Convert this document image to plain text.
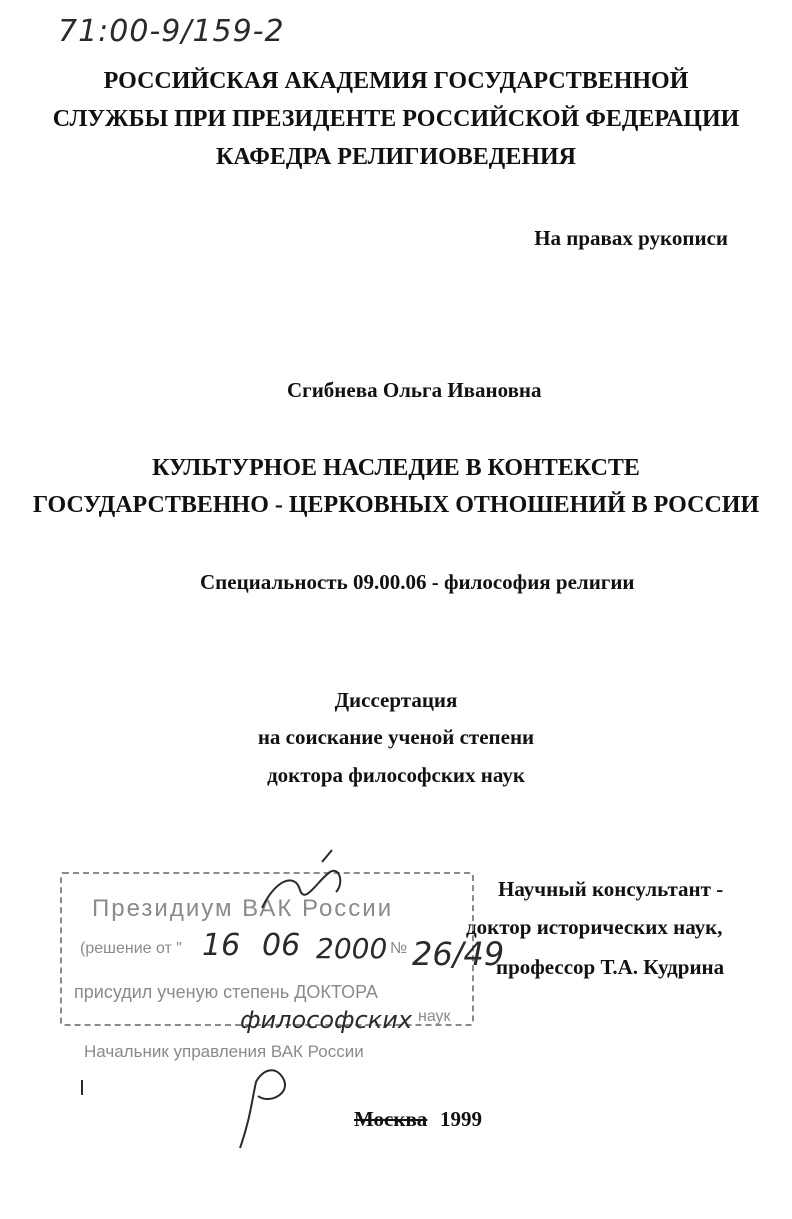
71:00-9/159-2
РОССИЙСКАЯ АКАДЕМИЯ ГОСУДАРСТВЕННОЙ
СЛУЖБЫ ПРИ ПРЕЗИДЕНТЕ РОССИЙСКОЙ ФЕДЕРАЦИИ
КАФЕДРА РЕЛИГИОВЕДЕНИЯ
На правах рукописи
Сгибнева Ольга Ивановна
КУЛЬТУРНОЕ НАСЛЕДИЕ В КОНТЕКСТЕ
ГОСУДАРСТВЕННО - ЦЕРКОВНЫХ ОТНОШЕНИЙ В РОССИИ
Специальность 09.00.06 - философия религии
Диссертация
на соискание ученой степени
доктора философских наук
Научный консультант -
доктор исторических наук,
профессор Т.А. Кудрина
Президиум ВАК России
(решение от " 16 06 2000 № 26/49
присудил ученую степень ДОКТОРА
философских наук
Начальник управления ВАК России
Москва 1999
